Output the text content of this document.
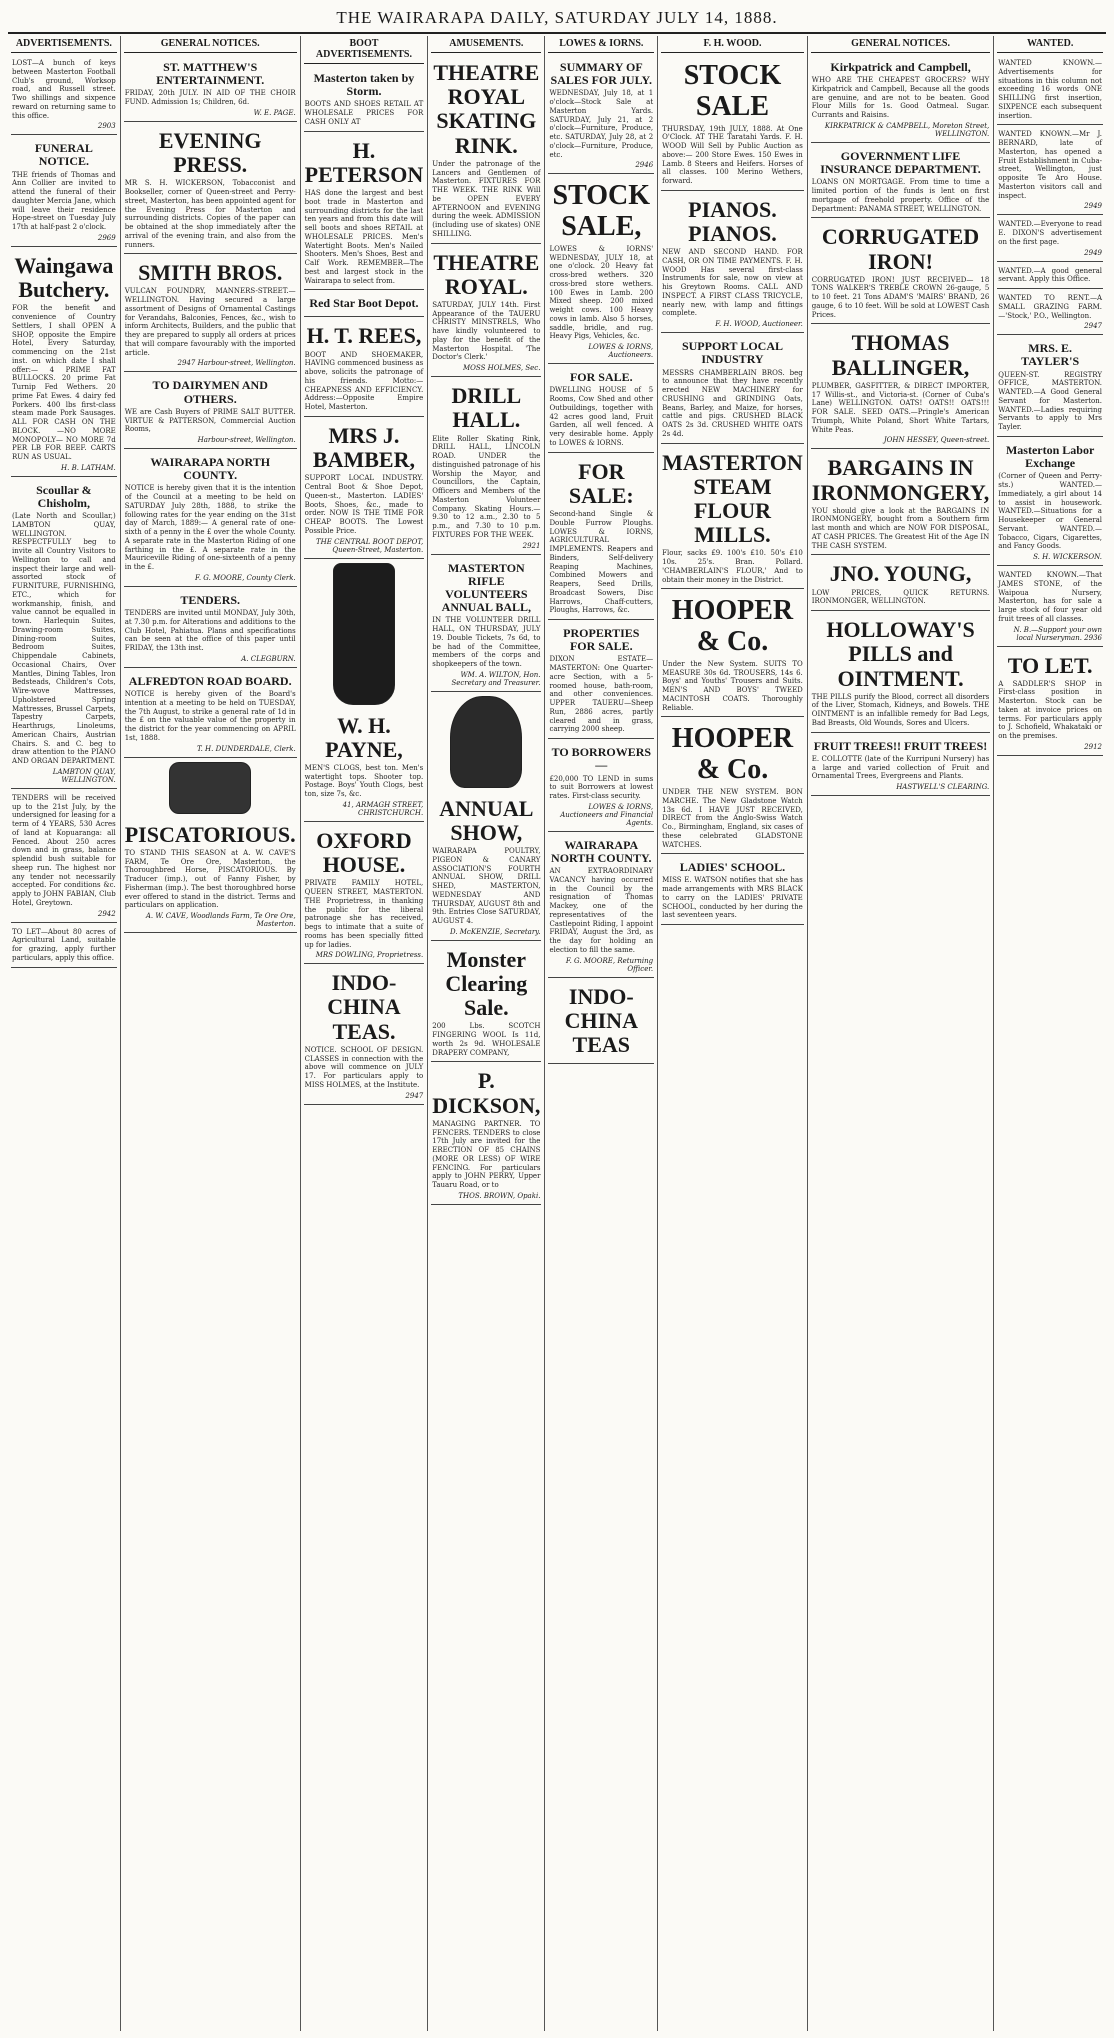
THE WAIRARAPA DAILY, SATURDAY JULY 14, 1888.
ADVERTISEMENTS.
LOST—A bunch of keys between Masterton Football Club's ground, Worksop road, and Russell street. Two shillings and sixpence reward on returning same to this office.
2903
FUNERAL NOTICE.
THE friends of Thomas and Ann Collier are invited to attend the funeral of their daughter Mercia Jane, which will leave their residence Hope-street on Tuesday July 17th at half-past 2 o'clock.
2969
Waingawa Butchery.
FOR the benefit and convenience of Country Settlers, I shall OPEN A SHOP, opposite the Empire Hotel, Every Saturday, commencing on the 21st inst. on which date I shall offer:— 4 PRIME FAT BULLOCKS. 20 prime Fat Turnip Fed Wethers. 20 prime Fat Ewes. 4 dairy fed Porkers. 400 lbs first-class steam made Pork Sausages. ALL FOR CASH ON THE BLOCK. —NO MORE MONOPOLY— NO MORE 7d PER LB FOR BEEF. CARTS RUN AS USUAL.
H. B. LATHAM.
Scoullar & Chisholm,
(Late North and Scoullar,) LAMBTON QUAY, WELLINGTON. RESPECTFULLY beg to invite all Country Visitors to Wellington to call and inspect their large and well-assorted stock of FURNITURE, FURNISHING, ETC., which for workmanship, finish, and value cannot be equalled in town. Harlequin Suites, Drawing-room Suites, Dining-room Suites, Bedroom Suites, Chippendale Cabinets, Occasional Chairs, Over Mantles, Dining Tables, Iron Bedsteads, Children's Cots, Wire-wove Mattresses, Upholstered Spring Mattresses, Brussel Carpets, Tapestry Carpets, Hearthrugs, Linoleums, American Chairs, Austrian Chairs. S. and C. beg to draw attention to the PIANO AND ORGAN DEPARTMENT.
LAMBTON QUAY, WELLINGTON.
TENDERS will be received up to the 21st July, by the undersigned for leasing for a term of 4 YEARS, 530 Acres of land at Kopuaranga: all Fenced. About 250 acres down and in grass, balance splendid bush suitable for sheep run. The highest nor any tender not necessarily accepted. For conditions &c. apply to JOHN FABIAN, Club Hotel, Greytown.
2942
TO LET—About 80 acres of Agricultural Land, suitable for grazing, apply further particulars, apply this office.
GENERAL NOTICES.
ST. MATTHEW'S ENTERTAINMENT.
FRIDAY, 20th JULY. IN AID OF THE CHOIR FUND. Admission 1s; Children, 6d.
W. E. PAGE.
EVENING PRESS.
MR S. H. WICKERSON, Tobacconist and Bookseller, corner of Queen-street and Perry-street, Masterton, has been appointed agent for the Evening Press for Masterton and surrounding districts. Copies of the paper can be obtained at the shop immediately after the arrival of the evening train, and also from the runners.
SMITH BROS.
VULCAN FOUNDRY, MANNERS-STREET.—WELLINGTON. Having secured a large assortment of Designs of Ornamental Castings for Verandahs, Balconies, Fences, &c., wish to inform Architects, Builders, and the public that they are prepared to supply all orders at prices that will compare favourably with the imported article.
2947 Harbour-street, Wellington.
TO DAIRYMEN AND OTHERS.
WE are Cash Buyers of PRIME SALT BUTTER. VIRTUE & PATTERSON, Commercial Auction Rooms,
Harbour-street, Wellington.
WAIRARAPA NORTH COUNTY.
NOTICE is hereby given that it is the intention of the Council at a meeting to be held on SATURDAY July 28th, 1888, to strike the following rates for the year ending on the 31st day of March, 1889:— A general rate of one-sixth of a penny in the £ over the whole County. A separate rate in the Masterton Riding of one farthing in the £. A separate rate in the Mauriceville Riding of one-sixteenth of a penny in the £.
F. G. MOORE, County Clerk.
TENDERS.
TENDERS are invited until MONDAY, July 30th, at 7.30 p.m. for Alterations and additions to the Club Hotel, Pahiatua. Plans and specifications can be seen at the office of this paper until FRIDAY, the 13th inst.
A. CLEGBURN.
ALFREDTON ROAD BOARD.
NOTICE is hereby given of the Board's intention at a meeting to be held on TUESDAY, the 7th August, to strike a general rate of 1d in the £ on the valuable value of the property in the district for the year commencing on APRIL 1st, 1888.
T. H. DUNDERDALE, Clerk.
PISCATORIOUS.
TO STAND THIS SEASON at A. W. CAVE'S FARM, Te Ore Ore, Masterton, the Thoroughbred Horse, PISCATORIOUS. By Traducer (imp.), out of Fanny Fisher, by Fisherman (imp.). The best thoroughbred horse ever offered to stand in the district. Terms and particulars on application.
A. W. CAVE, Woodlands Farm, Te Ore Ore, Masterton.
BOOT ADVERTISEMENTS.
Masterton taken by Storm.
BOOTS AND SHOES RETAIL AT WHOLESALE PRICES FOR CASH ONLY AT
H. PETERSON
HAS done the largest and best boot trade in Masterton and surrounding districts for the last ten years and from this date will sell boots and shoes RETAIL at WHOLESALE PRICES. Men's Watertight Boots. Men's Nailed Shooters. Men's Shoes, Best and Calf Work. REMEMBER—The best and largest stock in the Wairarapa to select from.
Red Star Boot Depot.
H. T. REES,
BOOT AND SHOEMAKER, HAVING commenced business as above, solicits the patronage of his friends. Motto:—CHEAPNESS AND EFFICIENCY. Address:—Opposite Empire Hotel, Masterton.
MRS J. BAMBER,
SUPPORT LOCAL INDUSTRY. Central Boot & Shoe Depot, Queen-st., Masterton. LADIES' Boots, Shoes, &c., made to order. NOW IS THE TIME FOR CHEAP BOOTS. The Lowest Possible Price.
THE CENTRAL BOOT DEPOT, Queen-Street, Masterton.
W. H. PAYNE,
MEN'S CLOGS, best ton. Men's watertight tops. Shooter top. Postage. Boys' Youth Clogs, best ton, size 7s, &c.
41, ARMAGH STREET, CHRISTCHURCH.
OXFORD HOUSE.
PRIVATE FAMILY HOTEL, QUEEN STREET, MASTERTON. THE Proprietress, in thanking the public for the liberal patronage she has received, begs to intimate that a suite of rooms has been specially fitted up for ladies.
MRS DOWLING, Proprietress.
INDO-CHINA TEAS.
NOTICE. SCHOOL OF DESIGN. CLASSES in connection with the above will commence on JULY 17. For particulars apply to MISS HOLMES, at the Institute.
2947
AMUSEMENTS.
THEATRE ROYAL SKATING RINK.
Under the patronage of the Lancers and Gentlemen of Masterton. FIXTURES FOR THE WEEK. THE RINK Will be OPEN EVERY AFTERNOON and EVENING during the week. ADMISSION (including use of skates) ONE SHILLING.
THEATRE ROYAL.
SATURDAY, JULY 14th. First Appearance of the TAUERU CHRISTY MINSTRELS, Who have kindly volunteered to play for the benefit of the Masterton Hospital. 'The Doctor's Clerk.'
MOSS HOLMES, Sec.
DRILL HALL.
Elite Roller Skating Rink, DRILL HALL, LINCOLN ROAD. UNDER the distinguished patronage of his Worship the Mayor, and Councillors, the Captain, Officers and Members of the Masterton Volunteer Company. Skating Hours.—9.30 to 12 a.m., 2.30 to 5 p.m., and 7.30 to 10 p.m. FIXTURES FOR THE WEEK.
2921
MASTERTON RIFLE VOLUNTEERS ANNUAL BALL,
IN THE VOLUNTEER DRILL HALL, ON THURSDAY, JULY 19. Double Tickets, 7s 6d, to be had of the Committee, members of the corps and shopkeepers of the town.
WM. A. WILTON, Hon. Secretary and Treasurer.
ANNUAL SHOW,
WAIRARAPA POULTRY, PIGEON & CANARY ASSOCIATION'S FOURTH ANNUAL SHOW, DRILL SHED, MASTERTON, WEDNESDAY AND THURSDAY, AUGUST 8th and 9th. Entries Close SATURDAY, AUGUST 4.
D. McKENZIE, Secretary.
Monster Clearing Sale.
200 Lbs. SCOTCH FINGERING WOOL Is 11d, worth 2s 9d. WHOLESALE DRAPERY COMPANY,
P. DICKSON,
MANAGING PARTNER. TO FENCERS. TENDERS to close 17th July are invited for the ERECTION OF 85 CHAINS (MORE OR LESS) OF WIRE FENCING. For particulars apply to JOHN PERRY, Upper Tauaru Road, or to
THOS. BROWN, Opaki.
LOWES & IORNS.
SUMMARY OF SALES FOR JULY.
WEDNESDAY, July 18, at 1 o'clock—Stock Sale at Masterton Yards. SATURDAY, July 21, at 2 o'clock—Furniture, Produce, etc. SATURDAY, July 28, at 2 o'clock—Furniture, Produce, etc.
2946
STOCK SALE,
LOWES & IORNS' WEDNESDAY, JULY 18, at one o'clock. 20 Heavy fat cross-bred wethers. 320 cross-bred store wethers. 100 Ewes in Lamb. 200 Mixed sheep. 200 mixed weight cows. 100 Heavy cows in lamb. Also 5 horses, saddle, bridle, and rug. Heavy Pigs, Vehicles, &c.
LOWES & IORNS, Auctioneers.
FOR SALE.
DWELLING HOUSE of 5 Rooms, Cow Shed and other Outbuildings, together with 42 acres good land, Fruit Garden, all well fenced. A very desirable home. Apply to LOWES & IORNS.
FOR SALE:
Second-hand Single & Double Furrow Ploughs. LOWES & IORNS, AGRICULTURAL IMPLEMENTS. Reapers and Binders, Self-delivery Reaping Machines, Combined Mowers and Reapers, Seed Drills, Broadcast Sowers, Disc Harrows, Chaff-cutters, Ploughs, Harrows, &c.
PROPERTIES FOR SALE.
DIXON ESTATE—MASTERTON: One Quarter-acre Section, with a 5-roomed house, bath-room, and other conveniences. UPPER TAUERU—Sheep Run, 2886 acres, partly cleared and in grass, carrying 2000 sheep.
TO BORROWERS—
£20,000 TO LEND in sums to suit Borrowers at lowest rates. First-class security.
LOWES & IORNS, Auctioneers and Financial Agents.
WAIRARAPA NORTH COUNTY.
AN EXTRAORDINARY VACANCY having occurred in the Council by the resignation of Thomas Mackey, one of the representatives of the Castlepoint Riding, I appoint FRIDAY, August the 3rd, as the day for holding an election to fill the same.
F. G. MOORE, Returning Officer.
INDO-CHINA TEAS
F. H. WOOD.
STOCK SALE
THURSDAY, 19th JULY, 1888. At One O'Clock. AT THE Taratahi Yards. F. H. WOOD Will Sell by Public Auction as above:— 200 Store Ewes. 150 Ewes in Lamb. 8 Steers and Heifers. Horses of all classes. 100 Merino Wethers, forward.
PIANOS. PIANOS.
NEW AND SECOND HAND. FOR CASH, OR ON TIME PAYMENTS. F. H. WOOD Has several first-class Instruments for sale, now on view at his Greytown Rooms. CALL AND INSPECT. A FIRST CLASS TRICYCLE, nearly new, with lamp and fittings complete.
F. H. WOOD, Auctioneer.
SUPPORT LOCAL INDUSTRY
MESSRS CHAMBERLAIN BROS. beg to announce that they have recently erected NEW MACHINERY for CRUSHING and GRINDING Oats, Beans, Barley, and Maize, for horses, cattle and pigs. CRUSHED BLACK OATS 2s 3d. CRUSHED WHITE OATS 2s 4d.
MASTERTON STEAM FLOUR MILLS.
Flour, sacks £9. 100's £10. 50's £10 10s. 25's. Bran. Pollard. 'CHAMBERLAIN'S FLOUR,' And to obtain their money in the District.
HOOPER & Co.
Under the New System. SUITS TO MEASURE 30s 6d. TROUSERS, 14s 6. Boys' and Youths' Trousers and Suits. MEN'S AND BOYS' TWEED MACINTOSH COATS. Thoroughly Reliable.
HOOPER & Co.
UNDER THE NEW SYSTEM. BON MARCHE. The New Gladstone Watch 13s 6d. I HAVE JUST RECEIVED, DIRECT from the Anglo-Swiss Watch Co., Birmingham, England, six cases of these celebrated GLADSTONE WATCHES.
LADIES' SCHOOL.
MISS E. WATSON notifies that she has made arrangements with MRS BLACK to carry on the LADIES' PRIVATE SCHOOL, conducted by her during the last seventeen years.
GENERAL NOTICES.
Kirkpatrick and Campbell,
WHO ARE THE CHEAPEST GROCERS? WHY Kirkpatrick and Campbell, Because all the goods are genuine, and are not to be beaten. Good Flour Mills for 1s. Good Oatmeal. Sugar. Currants and Raisins.
KIRKPATRICK & CAMPBELL, Moreton Street, WELLINGTON.
GOVERNMENT LIFE INSURANCE DEPARTMENT.
LOANS ON MORTGAGE. From time to time a limited portion of the funds is lent on first mortgage of freehold property. Office of the Department: PANAMA STREET, WELLINGTON.
CORRUGATED IRON!
CORRUGATED IRON! JUST RECEIVED— 18 TONS WALKER'S TREBLE CROWN 26-gauge, 5 to 10 feet. 21 Tons ADAM'S 'MAIRS' BRAND, 26 gauge, 6 to 10 feet. Will be sold at LOWEST Cash Prices.
THOMAS BALLINGER,
PLUMBER, GASFITTER, & DIRECT IMPORTER, 17 Willis-st., and Victoria-st. (Corner of Cuba's Lane) WELLINGTON. OATS! OATS!! OATS!!! FOR SALE. SEED OATS.—Pringle's American Triumph, White Poland, Short White Tartars, White Peas.
JOHN HESSEY, Queen-street.
BARGAINS IN IRONMONGERY,
YOU should give a look at the BARGAINS IN IRONMONGERY, bought from a Southern firm last month and which are NOW FOR DISPOSAL, AT CASH PRICES. The Greatest Hit of the Age IN THE CASH SYSTEM.
JNO. YOUNG,
LOW PRICES, QUICK RETURNS. IRONMONGER, WELLINGTON.
HOLLOWAY'S PILLS and OINTMENT.
THE PILLS purify the Blood, correct all disorders of the Liver, Stomach, Kidneys, and Bowels. THE OINTMENT is an infallible remedy for Bad Legs, Bad Breasts, Old Wounds, Sores and Ulcers.
FRUIT TREES!! FRUIT TREES!
E. COLLOTTE (late of the Kurripuni Nursery) has a large and varied collection of Fruit and Ornamental Trees, Evergreens and Plants.
HASTWELL'S CLEARING.
WANTED.
WANTED KNOWN.—Advertisements for situations in this column not exceeding 16 words ONE SHILLING first insertion, SIXPENCE each subsequent insertion.
WANTED KNOWN.—Mr J. BERNARD, late of Masterton, has opened a Fruit Establishment in Cuba-street, Wellington, just opposite Te Aro House. Masterton visitors call and inspect.
2949
WANTED.—Everyone to read E. DIXON'S advertisement on the first page.
2949
WANTED.—A good general servant. Apply this Office.
WANTED TO RENT.—A SMALL GRAZING FARM.—'Stock,' P.O., Wellington.
2947
MRS. E. TAYLER'S
QUEEN-ST. REGISTRY OFFICE, MASTERTON. WANTED.—A Good General Servant for Masterton. WANTED.—Ladies requiring Servants to apply to Mrs Tayler.
Masterton Labor Exchange
(Corner of Queen and Perry-sts.) WANTED.—Immediately, a girl about 14 to assist in housework. WANTED.—Situations for a Housekeeper or General Servant. WANTED.—Tobacco, Cigars, Cigarettes, and Fancy Goods.
S. H. WICKERSON.
WANTED KNOWN.—That JAMES STONE, of the Waipoua Nursery, Masterton, has for sale a large stock of four year old fruit trees of all classes.
N. B.—Support your own local Nurseryman. 2936
TO LET.
A SADDLER'S SHOP in First-class position in Masterton. Stock can be taken at invoice prices on terms. For particulars apply to J. Schofield, Whakataki or on the premises.
2912
